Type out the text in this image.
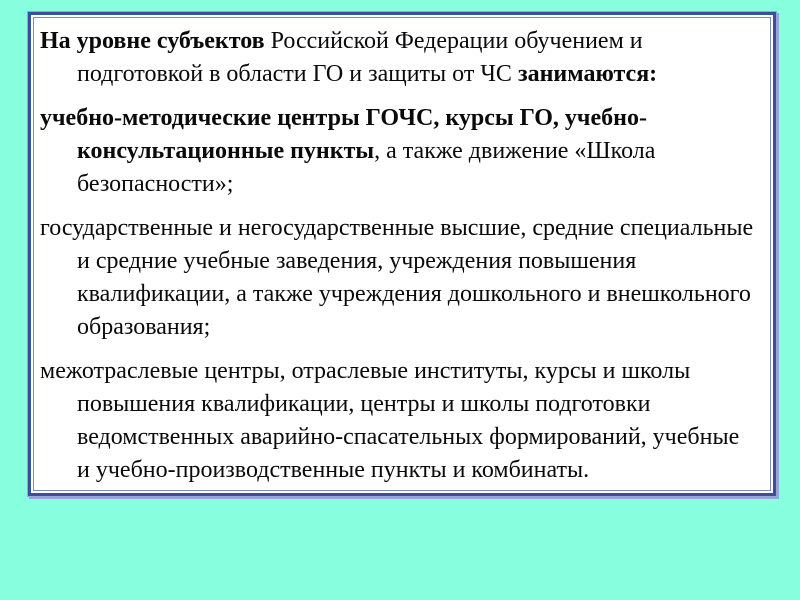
На уровне субъектов Российской Федерации обучением и подготовкой в области ГО и защиты от ЧС занимаются:

учебно-методические центры ГОЧС, курсы ГО, учебно-консультационные пункты, а также движение «Школа безопасности»;

государственные и негосударственные высшие, средние специальные и средние учебные заведения, учреждения повышения квалификации, а также учреждения дошкольного и внешкольного образования;

межотраслевые центры, отраслевые институты, курсы и школы повышения квалификации, центры и школы подготовки ведомственных аварийно-спасательных формирований, учебные и учебно-производственные пункты и комбинаты.
